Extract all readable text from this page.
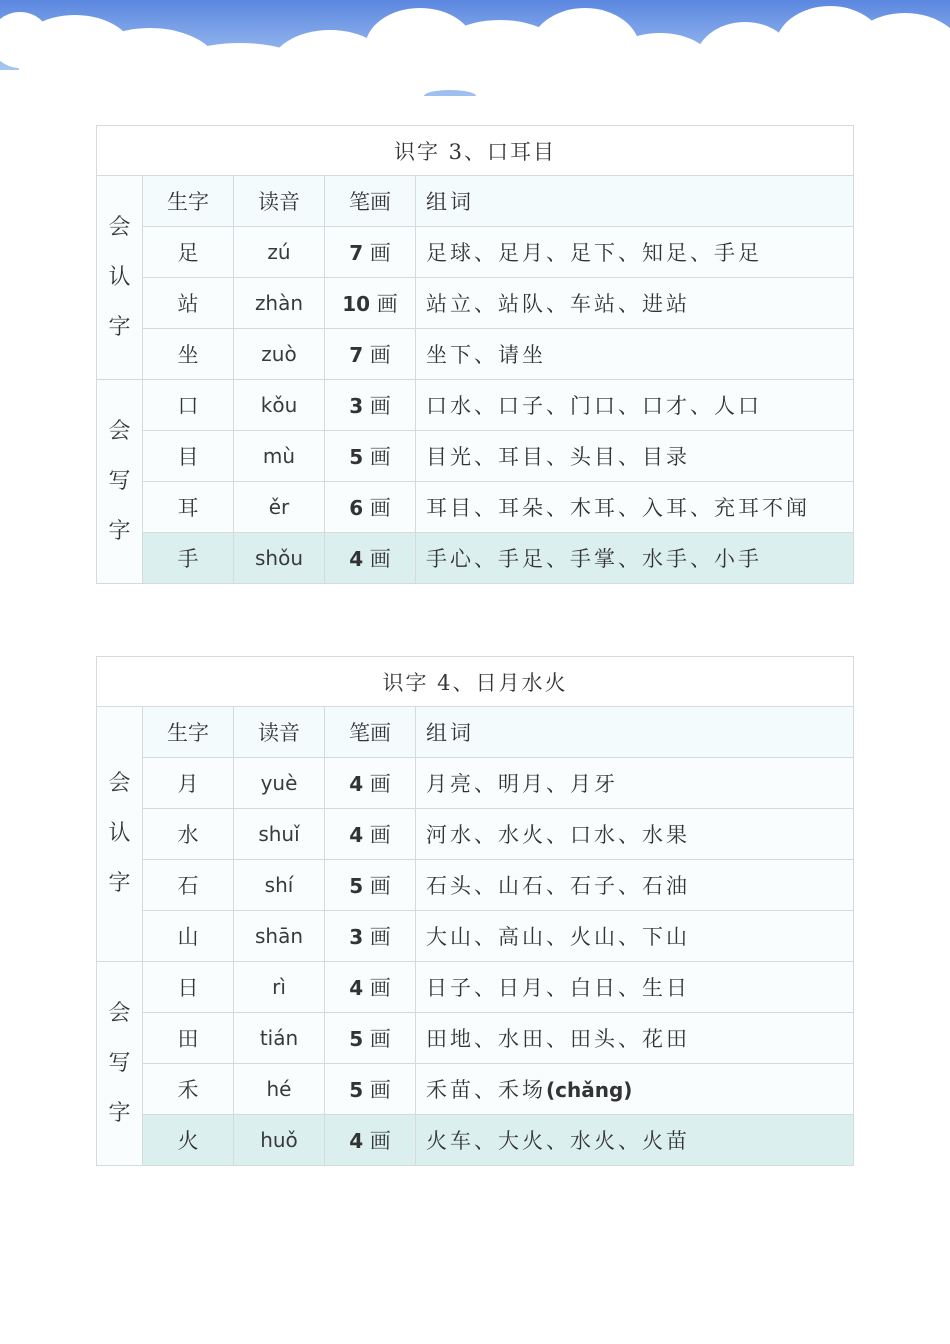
识字 3、口耳目				

会
认
字	生字	读音	笔画	组词
	足	zú	7 画	足球、足月、足下、知足、手足
	站	zhàn	10 画	站立、站队、车站、进站
	坐	zuò	7 画	坐下、请坐

会
写
字	口	kǒu	3 画	口水、口子、门口、口才、人口
	目	mù	5 画	目光、耳目、头目、目录
	耳	ěr	6 画	耳目、耳朵、木耳、入耳、充耳不闻
	手	shǒu	4 画	手心、手足、手掌、水手、小手
识字 4、日月水火				

会
认
字	生字	读音	笔画	组词
	月	yuè	4 画	月亮、明月、月牙
	水	shuǐ	4 画	河水、水火、口水、水果
	石	shí	5 画	石头、山石、石子、石油
	山	shān	3 画	大山、高山、火山、下山

会
写
字	日	rì	4 画	日子、日月、白日、生日
	田	tián	5 画	田地、水田、田头、花田
	禾	hé	5 画	禾苗、禾场(chǎng)
	火	huǒ	4 画	火车、大火、水火、火苗
